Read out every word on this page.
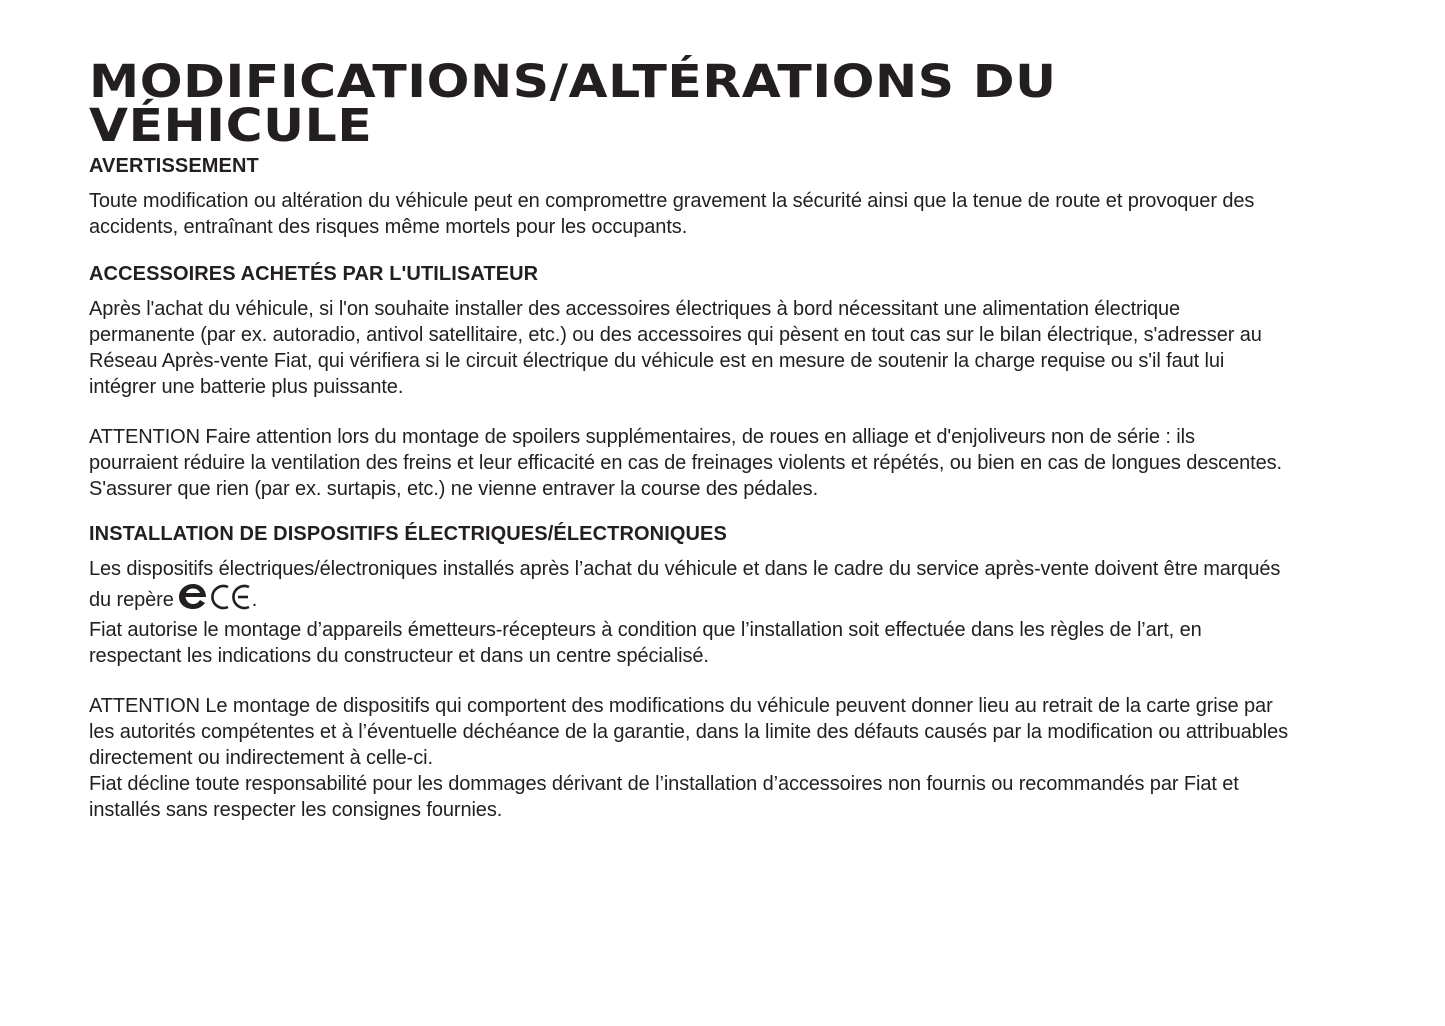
MODIFICATIONS/ALTÉRATIONS DU
VÉHICULE
AVERTISSEMENT

Toute modification ou altération du véhicule peut en compromettre gravement la sécurité ainsi que la tenue de route et provoquer des accidents, entraînant des risques même mortels pour les occupants.

ACCESSOIRES ACHETÉS PAR L'UTILISATEUR

Après l'achat du véhicule, si l'on souhaite installer des accessoires électriques à bord nécessitant une alimentation électrique permanente (par ex. autoradio, antivol satellitaire, etc.) ou des accessoires qui pèsent en tout cas sur le bilan électrique, s'adresser au Réseau Après-vente Fiat, qui vérifiera si le circuit électrique du véhicule est en mesure de soutenir la charge requise ou s'il faut lui intégrer une batterie plus puissante.

ATTENTION Faire attention lors du montage de spoilers supplémentaires, de roues en alliage et d'enjoliveurs non de série : ils pourraient réduire la ventilation des freins et leur efficacité en cas de freinages violents et répétés, ou bien en cas de longues descentes. S'assurer que rien (par ex. surtapis, etc.) ne vienne entraver la course des pédales.

INSTALLATION DE DISPOSITIFS ÉLECTRIQUES/ÉLECTRONIQUES

Les dispositifs électriques/électroniques installés après l’achat du véhicule et dans le cadre du service après-vente doivent être marqués du repère	.

Fiat autorise le montage d’appareils émetteurs-récepteurs à condition que l’installation soit effectuée dans les règles de l’art, en respectant les indications du constructeur et dans un centre spécialisé.

ATTENTION Le montage de dispositifs qui comportent des modifications du véhicule peuvent donner lieu au retrait de la carte grise par les autorités compétentes et à l’éventuelle déchéance de la garantie, dans la limite des défauts causés par la modification ou attribuables directement ou indirectement à celle-ci.

Fiat décline toute responsabilité pour les dommages dérivant de l’installation d’accessoires non fournis ou recommandés par Fiat et installés sans respecter les consignes fournies.
